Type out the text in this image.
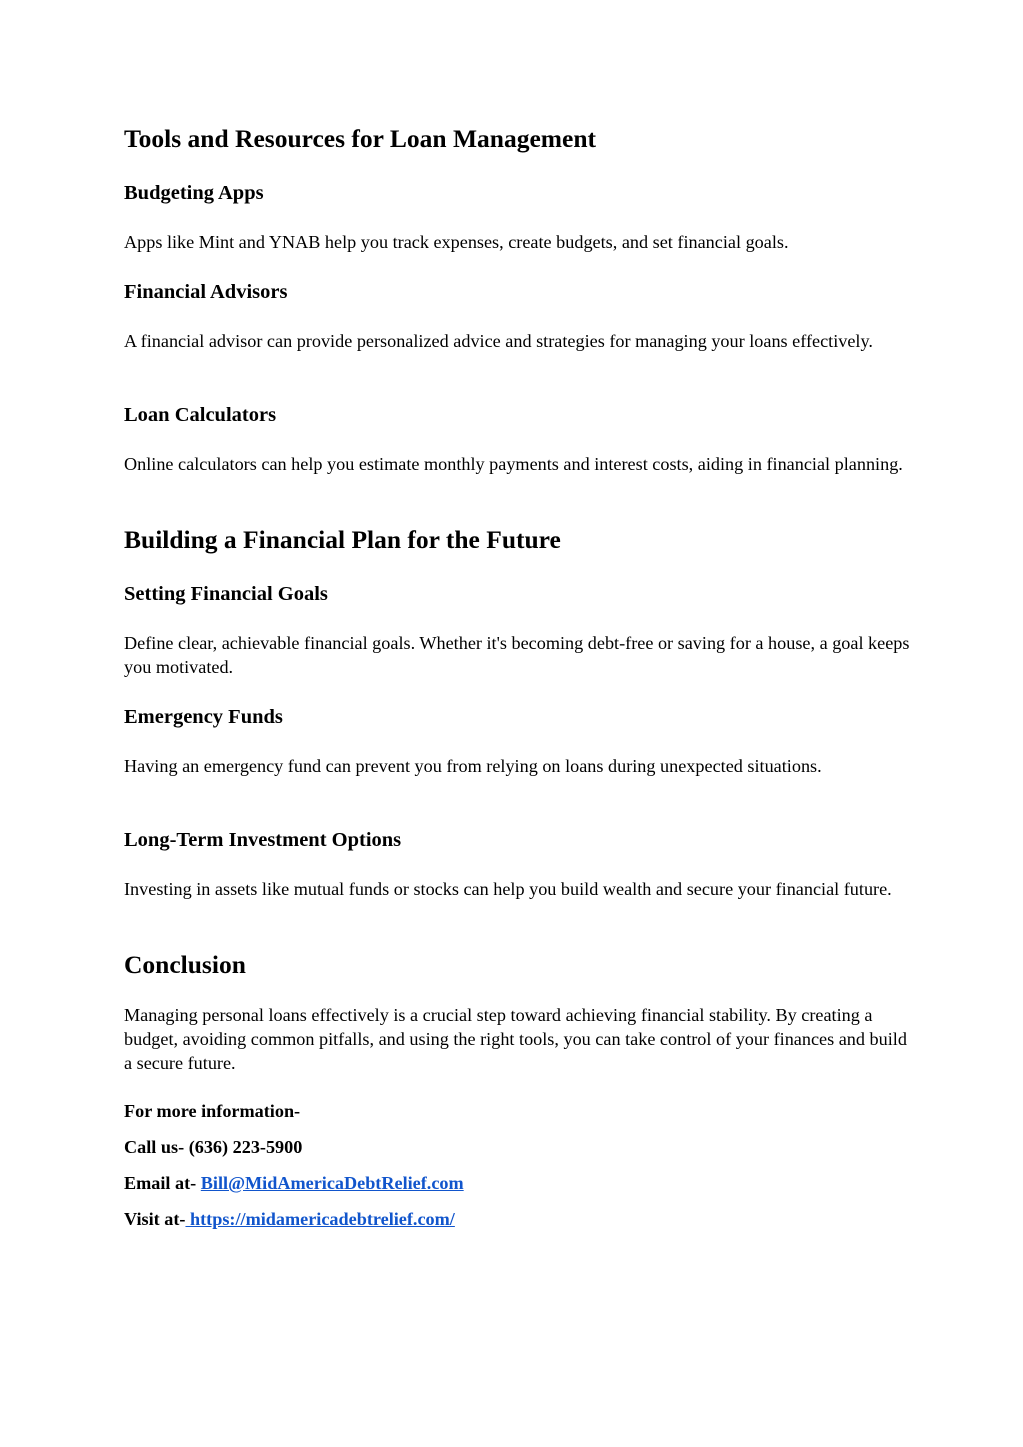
Tools and Resources for Loan Management
Budgeting Apps

Apps like Mint and YNAB help you track expenses, create budgets, and set financial goals.

Financial Advisors

A financial advisor can provide personalized advice and strategies for managing your loans effectively.

Loan Calculators

Online calculators can help you estimate monthly payments and interest costs, aiding in financial planning.

Building a Financial Plan for the Future
Setting Financial Goals

Define clear, achievable financial goals. Whether it's becoming debt-free or saving for a house, a goal keeps you motivated.

Emergency Funds

Having an emergency fund can prevent you from relying on loans during unexpected situations.

Long-Term Investment Options

Investing in assets like mutual funds or stocks can help you build wealth and secure your financial future.

Conclusion

Managing personal loans effectively is a crucial step toward achieving financial stability. By creating a budget, avoiding common pitfalls, and using the right tools, you can take control of your finances and build a secure future.

For more information-
Call us- (636) 223-5900
Email at- Bill@MidAmericaDebtRelief.com
Visit at- https://midamericadebtrelief.com/
